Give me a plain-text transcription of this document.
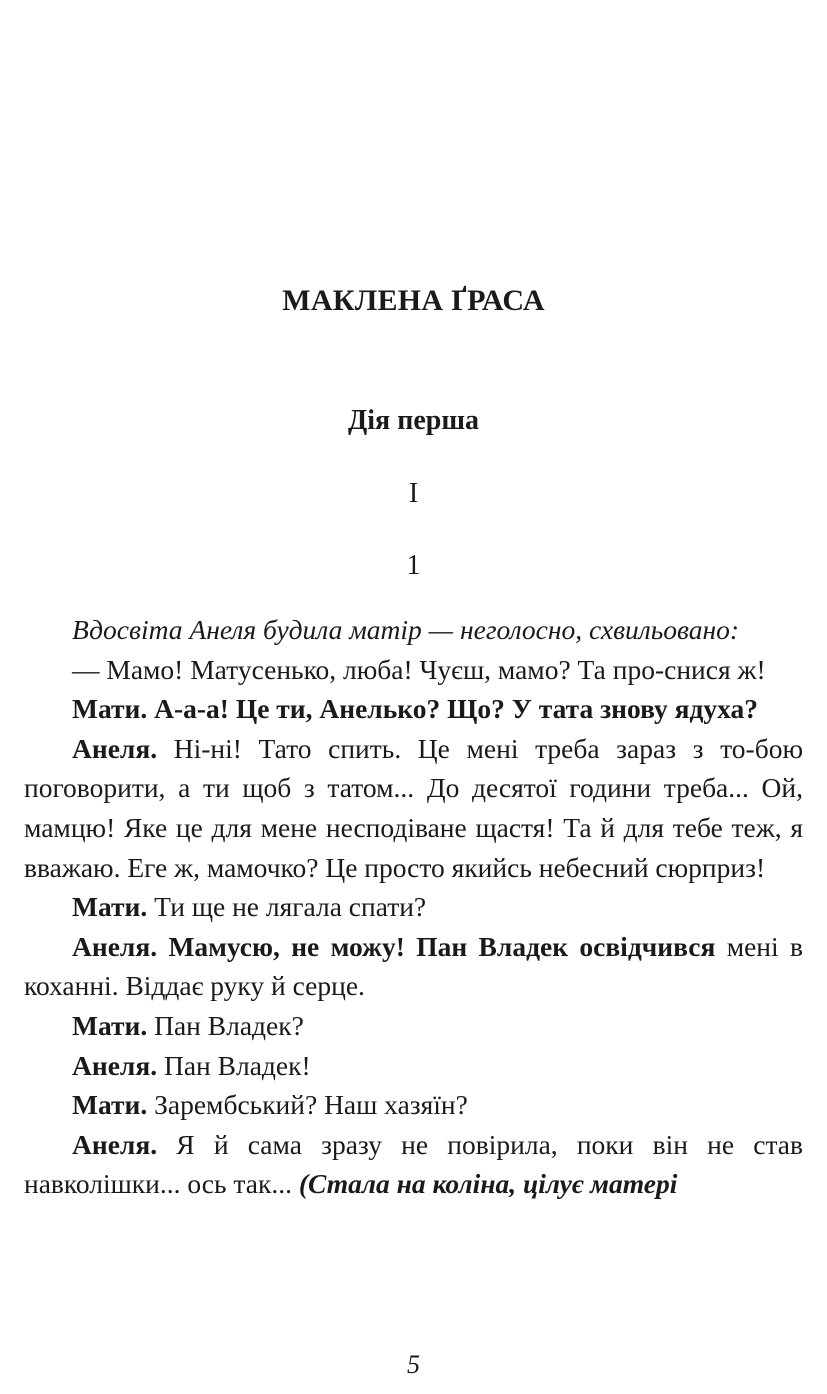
МАКЛЕНА ҐРАСА
Дія перша
I
1

Вдосвіта Анеля будила матір — неголосно, схвильовано:

— Мамо! Матусенько, люба! Чуєш, мамо? Та про-снися ж!

Мати. А-а-а! Це ти, Анелько? Що? У тата знову ядуха?

Анеля. Ні-ні! Тато спить. Це мені треба зараз з то-бою поговорити, а ти щоб з татом... До десятої години треба... Ой, мамцю! Яке це для мене несподіване щастя! Та й для тебе теж, я вважаю. Еге ж, мамочко? Це просто якийсь небесний сюрприз!

Мати. Ти ще не лягала спати?

Анеля. Мамусю, не можу! Пан Владек освідчився мені в коханні. Віддає руку й серце.

Мати. Пан Владек?

Анеля. Пан Владек!

Мати. Зарембський? Наш хазяїн?

Анеля. Я й сама зразу не повірила, поки він не став навколішки... ось так... (Стала на коліна, цілує матері

5
